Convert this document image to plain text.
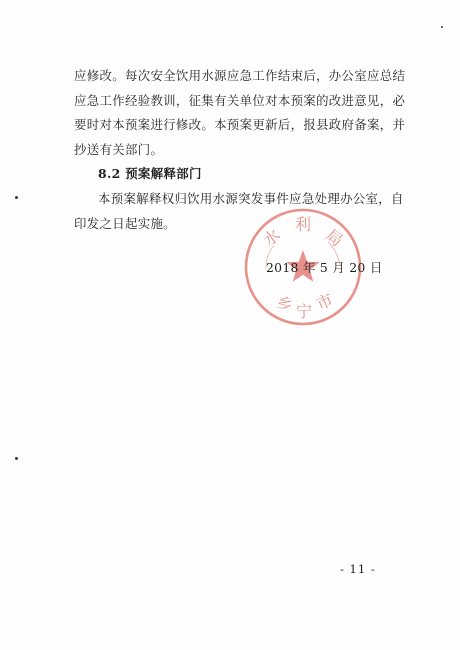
应修改。每次安全饮用水源应急工作结束后，办公室应总结
应急工作经验教训，征集有关单位对本预案的改进意见，必
要时对本预案进行修改。本预案更新后，报县政府备案，并
抄送有关部门。
8.2 预案解释部门
本预案解释权归饮用水源突发事件应急处理办公室，自
印发之日起实施。
水
利
局
乡 宁 市
2018 年 5 月 20 日
- 11 -
